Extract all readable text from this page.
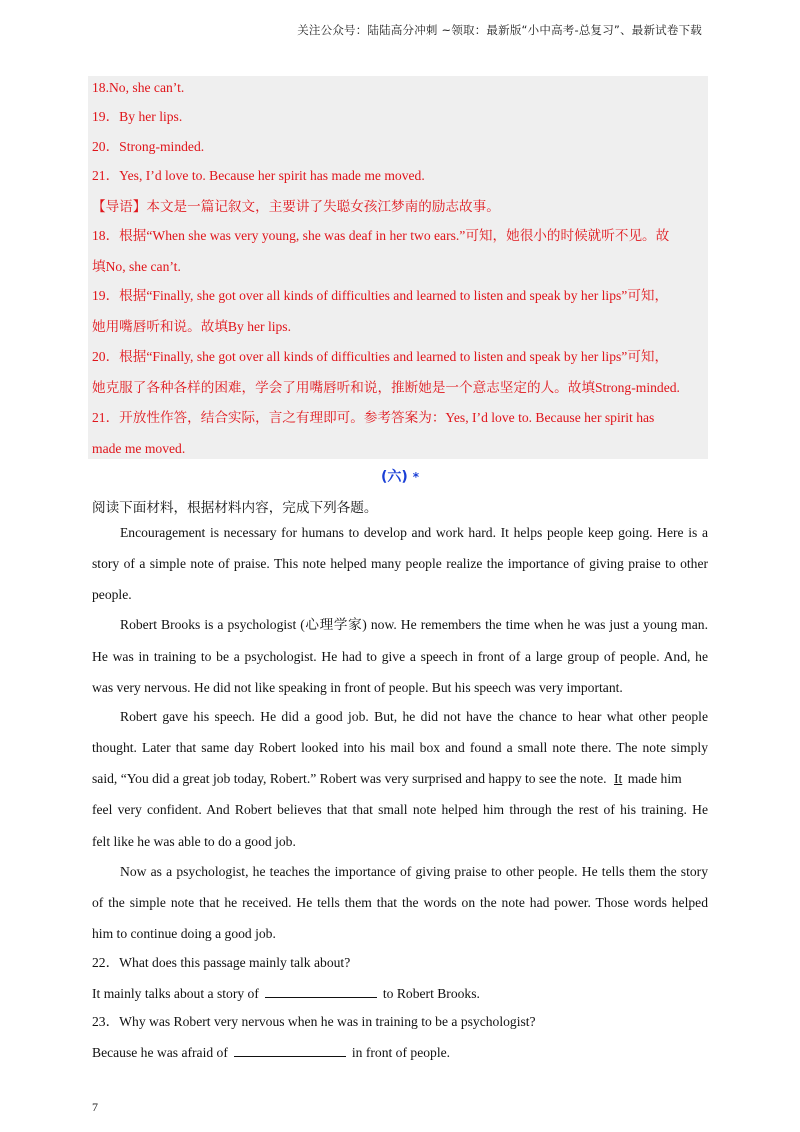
关注公众号：陆陆高分冲刺 ~领取：最新版“小中高考-总复习”、最新试卷下载
18.No, she can’t.
19．By her lips.
20．Strong-minded.
21．Yes, I’d love to. Because her spirit has made me moved.
【导语】本文是一篇记叙文，主要讲了失聪女孩江梦南的励志故事。
18．根据“When she was very young, she was deaf in her two ears.”可知，她很小的时候就听不见。故
填No, she can’t.
19．根据“Finally, she got over all kinds of difficulties and learned to listen and speak by her lips”可知，
她用嘴唇听和说。故填By her lips.
20．根据“Finally, she got over all kinds of difficulties and learned to listen and speak by her lips”可知，
她克服了各种各样的困难，学会了用嘴唇听和说，推断她是一个意志坚定的人。故填Strong-minded.
21．开放性作答，结合实际，言之有理即可。参考答案为：Yes, I’d love to. Because her spirit has
made me moved.
(六) *
阅读下面材料，根据材料内容，完成下列各题。
Encouragement is necessary for humans to develop and work hard. It helps people keep going. Here is a
story of a simple note of praise. This note helped many people realize the importance of giving praise to other
people.
Robert Brooks is a psychologist (心理学家) now. He remembers the time when he was just a young man.
He was in training to be a psychologist. He had to give a speech in front of a large group of people. And, he
was very nervous. He did not like speaking in front of people. But his speech was very important.
Robert gave his speech. He did a good job. But, he did not have the chance to hear what other people
thought. Later that same day Robert looked into his mail box and found a small note there. The note simply
said, “You did a great job today, Robert.” Robert was very surprised and happy to see the note. It made him
feel very confident. And Robert believes that that small note helped him through the rest of his training. He
felt like he was able to do a good job.
Now as a psychologist, he teaches the importance of giving praise to other people. He tells them the story
of the simple note that he received. He tells them that the words on the note had power. Those words helped
him to continue doing a good job.
22．What does this passage mainly talk about?
It mainly talks about a story of	to Robert Brooks.
23．Why was Robert very nervous when he was in training to be a psychologist?
Because he was afraid of	in front of people.
7
